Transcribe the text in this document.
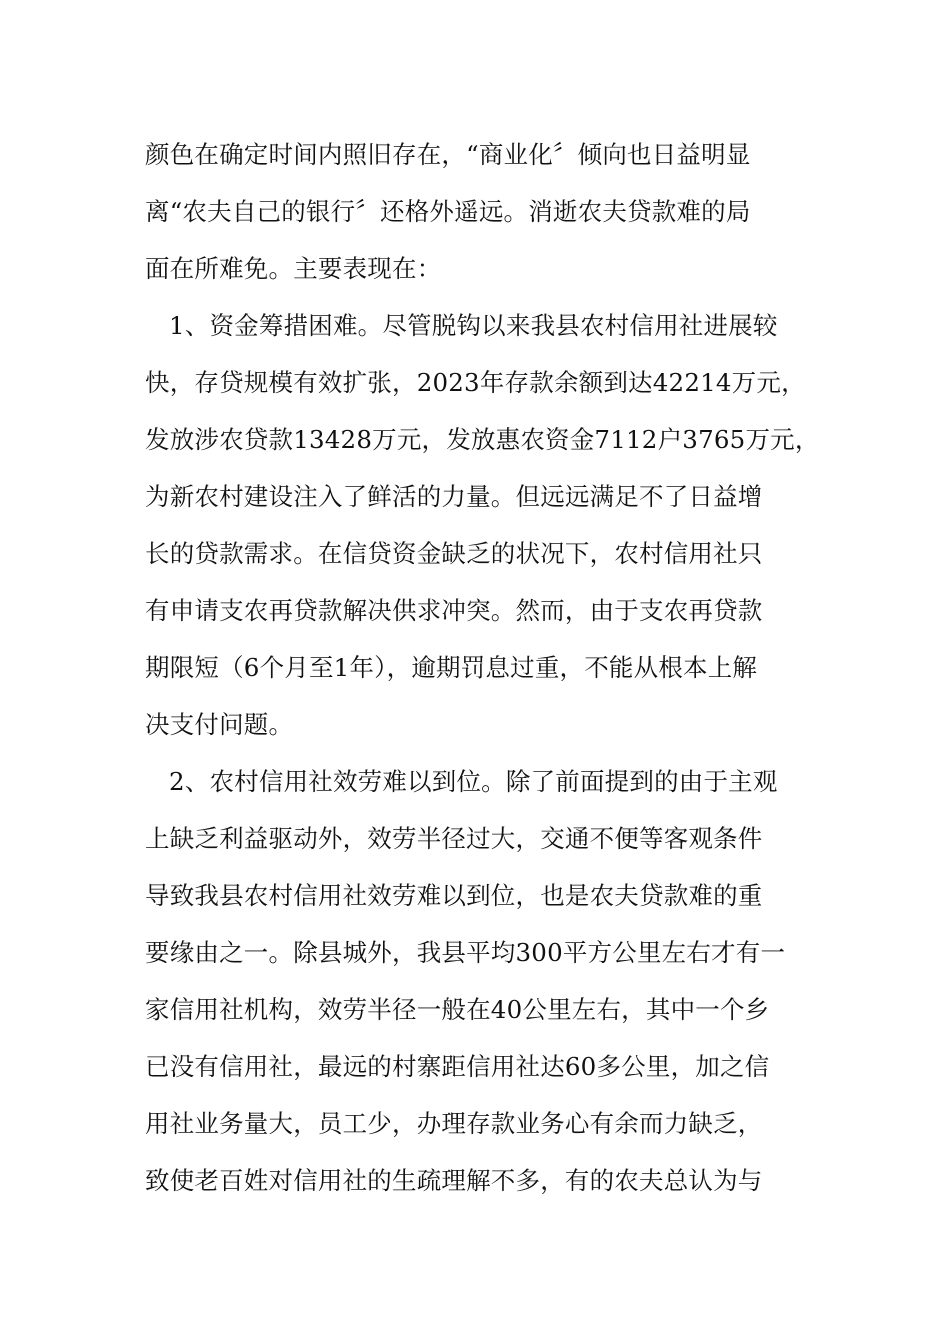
颜色在确定时间内照旧存在，“商业化〞倾向也日益明显
离“农夫自己的银行〞还格外遥远。消逝农夫贷款难的局
面在所难免。主要表现在：
1、资金筹措困难。尽管脱钩以来我县农村信用社进展较
快，存贷规模有效扩张，2023年存款余额到达42214万元，
发放涉农贷款13428万元，发放惠农资金7112户3765万元，
为新农村建设注入了鲜活的力量。但远远满足不了日益增
长的贷款需求。在信贷资金缺乏的状况下，农村信用社只
有申请支农再贷款解决供求冲突。然而，由于支农再贷款
期限短（6个月至1年），逾期罚息过重，不能从根本上解
决支付问题。
2、农村信用社效劳难以到位。除了前面提到的由于主观
上缺乏利益驱动外，效劳半径过大，交通不便等客观条件
导致我县农村信用社效劳难以到位，也是农夫贷款难的重
要缘由之一。除县城外，我县平均300平方公里左右才有一
家信用社机构，效劳半径一般在40公里左右，其中一个乡
已没有信用社，最远的村寨距信用社达60多公里，加之信
用社业务量大，员工少，办理存款业务心有余而力缺乏，
致使老百姓对信用社的生疏理解不多，有的农夫总认为与
